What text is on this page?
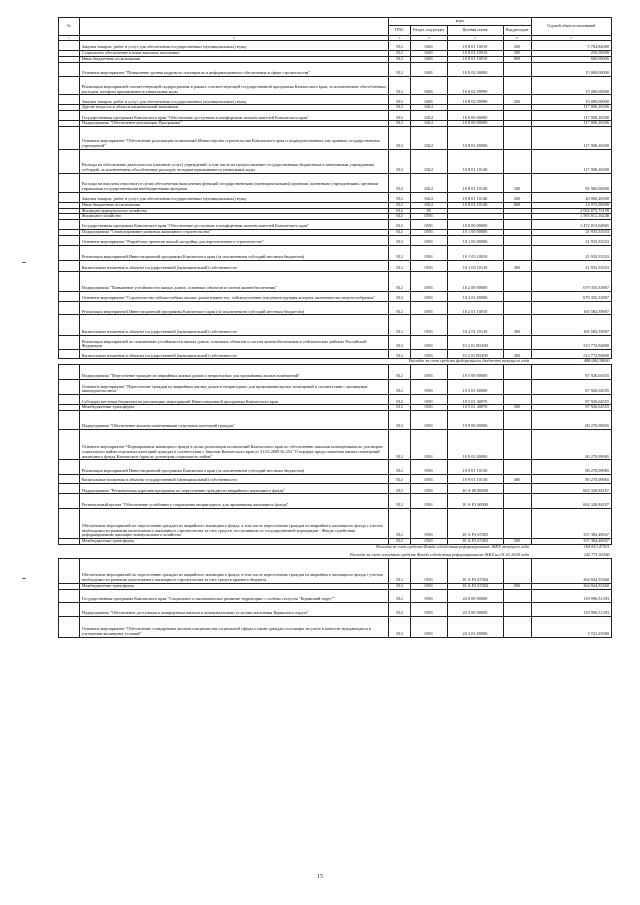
№		коды				Годовой объем ассигнований
		ГРБС	Раздел, под-раздел	Целевая статья	Вид расходов	
1	2	3	4	5	6	7
	Закупка товаров, работ и услуг для обеспечения государственных (муниципальных) нужд	812	0401	10 8 01 10010	200	5 704,84000
	Социальное обеспечение и иные выплаты населению	812	0401	10 8 01 10010	300	250,00000
	Иные бюджетные ассигнования	812	0401	10 8 01 10010	800	600,00000
	Основное мероприятие "Повышение уровня кадрового потенциала и информационного обеспечения в сфере строительства"	812	0401	10 8 02 00000		15 000,00000
	Реализация мероприятий соответствующей подпрограммы в рамках соответствующей государственной программы Камчатского края, за исключением обособленных расходов, которым присваиваются уникальные коды	812	0401	10 8 02 09990		15 000,00000
	Закупка товаров, работ и услуг для обеспечения государственных (муниципальных) нужд	812	0401	10 8 02 09990	200	15 000,00000
	Другие вопросы в области национальной экономики	812	0412			117 000,26500
	Государственная программа Камчатского края "Обеспечение доступным и комфортным жильем жителей Камчатского края"	812	0412	10 0 00 00000		117 000,26500
	Подпрограмма "Обеспечение реализации Программы"	812	0412	10 8 00 00000		117 000,26500
	Основное мероприятие "Обеспечение реализации полномочий Министерства строительства Камчатского края и подведомственных ему краевых государственных учреждений"	812	0412	10 8 01 00000		117 000,26500
	Расходы на обеспечение деятельности (оказание услуг) учреждений, в том числе на предоставление государственным бюджетным и автономным учреждениям субсидий, за исключением обособленных расходов, которым присваиваются уникальные коды	812	0412	10 8 01 10140		117 000,26500
	Расходы на выплаты персоналу в целях обеспечения выполнения функций государственными (муниципальными) органами, казенными учреждениями, органами управления государственными внебюджетными фондами	812	0412	10 8 01 10140	100	81 965,00000
	Закупка товаров, работ и услуг для обеспечения государственных (муниципальных) нужд	812	0412	10 8 01 10140	200	20 060,26500
	Иные бюджетные ассигнования	812	0412	10 8 01 10140	800	14 975,00000
	Жилищно-коммунальное хозяйство	812	05			2 002 875,73199
	Жилищное хозяйство	812	0501			1 583 012,16240
	Государственная программа Камчатского края "Обеспечение доступным и комфортным жильем жителей Камчатского края"	812	0501	10 0 00 00000		1 472 015,64865
	Подпрограмма "Стимулирование развития жилищного строительства"	812	0501	10 1 00 00000		21 933,33333
	Основное мероприятие "Разработка проектов жилой застройки для перспективного строительства"	812	0501	10 1 05 00000		21 933,33333
	Реализация мероприятий Инвестиционной программы Камчатского края (за исключением субсидий местным бюджетам)	812	0501	10 1 05 10010		21 933,33333
	Капитальные вложения в объекты государственной (муниципальной) собственности	812	0501	10 1 05 10110	400	21 933,33333
	Подпрограмма "Повышение устойчивости жилых домов, основных объектов и систем жизнеобеспечения"	812	0501	10 2 00 00000		679 355,33807
	Основное мероприятие "Строительство сейсмостойких жилых домов взамен тех, сейсмоусиление или реконструкция которых экономически нецелесообразны"	812	0501	10 2 01 00000		679 355,33807
	Реализация мероприятий Инвестиционной программы Камчатского края (за исключением субсидий местным бюджетам)	812	0501	10 2 01 10010		165 582,39007
	Капитальные вложения в объекты государственной (муниципальной) собственности	812	0501	10 2 01 10110	400	165 582,39007
	Реализация мероприятий по повышению устойчивости жилых домов, основных объектов и систем жизнеобеспечения в сейсмических районах Российской Федерации	812	0501	10 2 01 R5490		513 772,94800
	Капитальные вложения в объекты государственной (муниципальной) собственности	812	0501	10 2 01 R5490	400	513 772,94800
	Расходы за счет средств федерального бюджета текущего года					488 084,30000
	Подпрограмма "Переселение граждан из аварийных жилых домов и непригодных для проживания жилых помещений"	812	0501	10 5 00 00000		87 926,04555
	Основное мероприятие "Переселение граждан из аварийных жилых домов и непригодных для проживания жилых помещений в соответствии с жилищным законодательством"	812	0501	10 5 01 00000		87 926,04555
	Субсидии местным бюджетам на реализацию мероприятий Инвестиционной программы Камчатского края	812	0501	10 5 01 40070		87 926,04555
	Межбюджетные трансферты	812	0501	10 5 01 40070	500	87 926,04555
	Подпрограмма "Обеспечение жильем помещениями отдельных категорий граждан"	812	0501	10 9 00 00000		80 270,09065
	Основное мероприятие "Формирование жилищного фонда в целях реализации полномочий Камчатского края по обеспечению жилыми помещениями по договорам социального найма отдельных категорий граждан в соответствии с Законом Камчатского края от 31.03.2009 № 253 "О порядке предоставления жилых помещений жилищного фонда Камчатского края по договорам социального найма"	812	0501	10 9 01 00000		80 270,09065
	Реализация мероприятий Инвестиционной программы Камчатского края (за исключением субсидий местным бюджетам)	812	0501	10 9 01 10130		80 270,09065
	Капитальные вложения в объекты государственной (муниципальной) собственности	812	0501	10 9 01 10130	400	80 270,09065
	Подпрограмма "Региональная адресная программа по переселению граждан из аварийного жилищного фонда"	812	0501	10 А 00 00000		602 328,84107
	Региональный проект "Обеспечение устойчивого сокращения непригодного для проживания жилищного фонда"	812	0501	10 А F3 00000		602 328,84107
	Обеспечение мероприятий по переселению граждан из аварийного жилищного фонда, в том числе переселению граждан из аварийного жилищного фонда с учетом необходимости развития малоэтажного жилищного строительства за счет средств, поступивших от государственной корпорации - Фонда содействия реформированию жилищно-коммунального хозяйства	812	0501	10 А F3 67483		337 384,48847
	Межбюджетные трансферты	812	0501	10 А F3 67483	500	337 384,48847
	Расходы за счет средств Фонда содействия реформированию ЖКХ текущего года					194 813,47301
	Расходы за счет остатков средств Фонда содействия реформированию ЖКХ на 01.01.2020 года					142 771,01546
	Обеспечение мероприятий по переселению граждан из аварийного жилищного фонда, в том числе переселению граждан из аварийного жилищного фонда с учетом необходимости развития малоэтажного жилищного строительства за счет средств краевого бюджета	812	0501	10 А F3 67484		264 944,35260
	Межбюджетные трансферты	812	0501	10 А F3 67484	500	264 944,35260
	Государственная программа Камчатского края "Социальное и экономическое развитие территории с особым статусом "Корякский округ""	812	0501	22 0 00 00000		110 996,51393
	Подпрограмма "Обеспечение доступным и комфортным жильем и коммунальными услугами населения Корякского округа"	812	0501	22 3 00 00000		110 996,51393
	Основное мероприятие "Обеспечение стандартным жильем специалистов социальной сферы а также граждан состоящих на учете в качестве нуждающихся в улучшении жилищных условий"	812	0501	22 3 01 00000		3 741,25000
15
